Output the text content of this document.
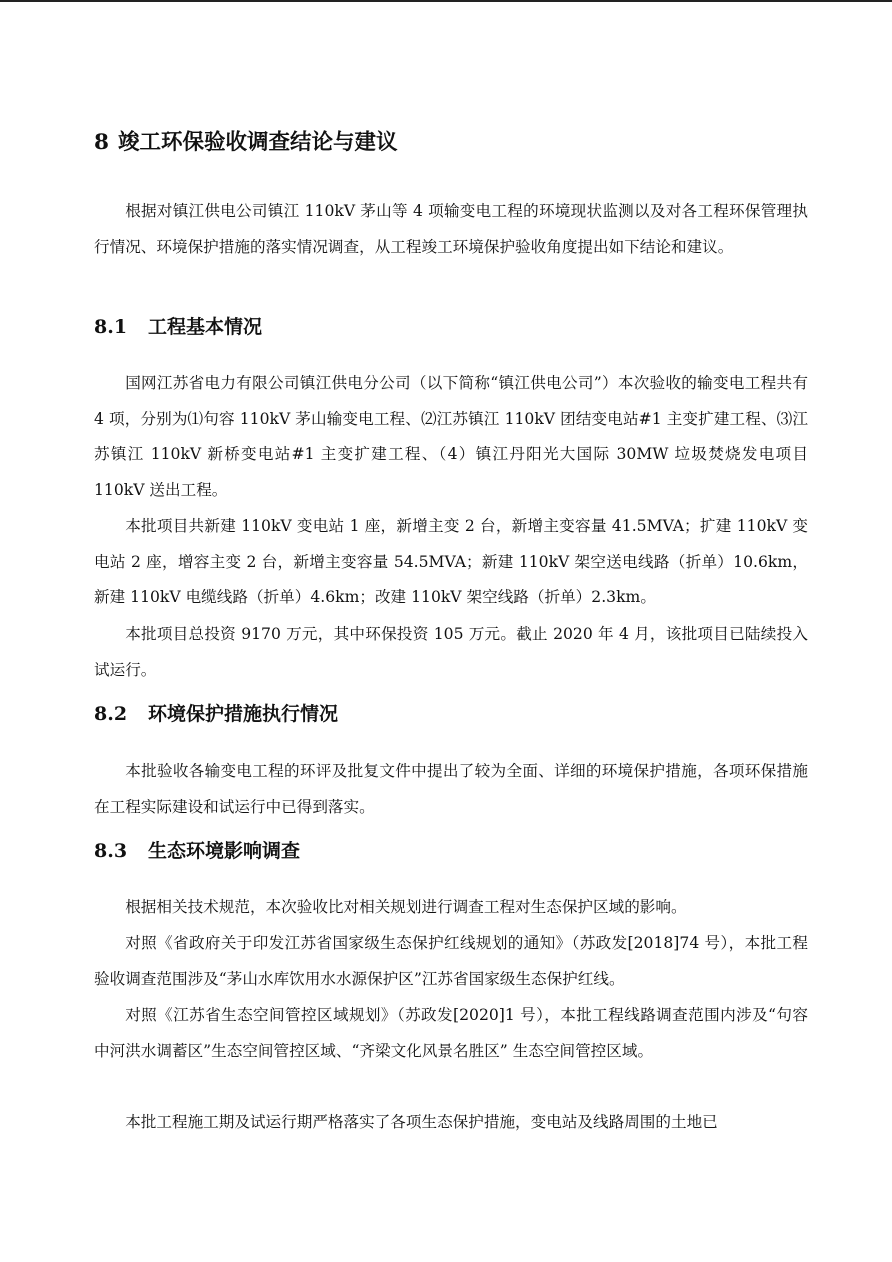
8 竣工环保验收调查结论与建议

根据对镇江供电公司镇江 110kV 茅山等 4 项输变电工程的环境现状监测以及对各工程环保管理执行情况、环境保护措施的落实情况调查，从工程竣工环境保护验收角度提出如下结论和建议。

8.1 工程基本情况

国网江苏省电力有限公司镇江供电分公司（以下简称“镇江供电公司”）本次验收的输变电工程共有 4 项，分别为⑴句容 110kV 茅山输变电工程、⑵江苏镇江 110kV 团结变电站#1 主变扩建工程、⑶江苏镇江 110kV 新桥变电站#1 主变扩建工程、（4）镇江丹阳光大国际 30MW 垃圾焚烧发电项目 110kV 送出工程。

本批项目共新建 110kV 变电站 1 座，新增主变 2 台，新增主变容量 41.5MVA；扩建 110kV 变电站 2 座，增容主变 2 台，新增主变容量 54.5MVA；新建 110kV 架空送电线路（折单）10.6km，新建 110kV 电缆线路（折单）4.6km；改建 110kV 架空线路（折单）2.3km。

本批项目总投资 9170 万元，其中环保投资 105 万元。截止 2020 年 4 月，该批项目已陆续投入试运行。

8.2 环境保护措施执行情况

本批验收各输变电工程的环评及批复文件中提出了较为全面、详细的环境保护措施，各项环保措施在工程实际建设和试运行中已得到落实。

8.3 生态环境影响调查

根据相关技术规范，本次验收比对相关规划进行调查工程对生态保护区域的影响。

对照《省政府关于印发江苏省国家级生态保护红线规划的通知》（苏政发[2018]74 号），本批工程验收调查范围涉及“茅山水库饮用水水源保护区”江苏省国家级生态保护红线。

对照《江苏省生态空间管控区域规划》（苏政发[2020]1 号），本批工程线路调查范围内涉及“句容中河洪水调蓄区”生态空间管控区域、“齐梁文化风景名胜区” 生态空间管控区域。

本批工程施工期及试运行期严格落实了各项生态保护措施，变电站及线路周围的土地已
